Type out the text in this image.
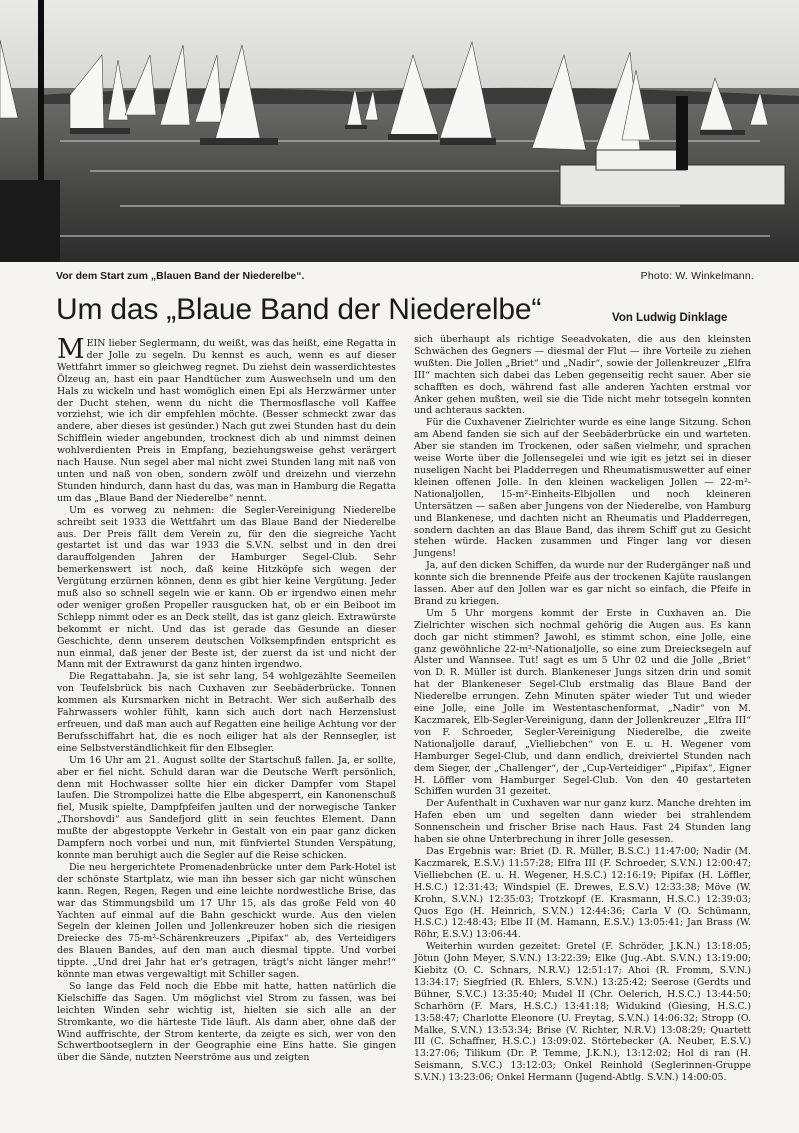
Vor dem Start zum „Blauen Band der Niederelbe“.	Photo: W. Winkelmann.
Um das „Blaue Band der Niederelbe“	Von Ludwig Dinklage

MEIN lieber Seglermann, du weißt, was das heißt, eine Regatta in der Jolle zu segeln. Du kennst es auch, wenn es auf dieser Wettfahrt immer so gleichweg regnet. Du ziehst dein wasserdichtestes Ölzeug an, hast ein paar Handtücher zum Auswechseln und um den Hals zu wickeln und hast womöglich einen Epi als Herzwärmer unter der Ducht stehen, wenn du nicht die Thermosflasche voll Kaffee vorziehst, wie ich dir empfehlen möchte. (Besser schmeckt zwar das andere, aber dieses ist gesünder.) Nach gut zwei Stunden hast du dein Schifflein wieder angebunden, trocknest dich ab und nimmst deinen wohlverdienten Preis in Empfang, beziehungsweise gehst verärgert nach Hause. Nun segel aber mal nicht zwei Stunden lang mit naß von unten und naß von oben, sondern zwölf und dreizehn und vierzehn Stunden hindurch, dann hast du das, was man in Hamburg die Regatta um das „Blaue Band der Niederelbe“ nennt.

Um es vorweg zu nehmen: die Segler-Vereinigung Niederelbe schreibt seit 1933 die Wettfahrt um das Blaue Band der Niederelbe aus. Der Preis fällt dem Verein zu, für den die siegreiche Yacht gestartet ist und das war 1933 die S.V.N. selbst und in den drei darauffolgenden Jahren der Hamburger Segel-Club. Sehr bemerkenswert ist noch, daß keine Hitzköpfe sich wegen der Vergütung erzürnen können, denn es gibt hier keine Vergütung. Jeder muß also so schnell segeln wie er kann. Ob er irgendwo einen mehr oder weniger großen Propeller rausgucken hat, ob er ein Beiboot im Schlepp nimmt oder es an Deck stellt, das ist ganz gleich. Extrawürste bekommt er nicht. Und das ist gerade das Gesunde an dieser Geschichte, denn unserem deutschen Volksempfinden entspricht es nun einmal, daß jener der Beste ist, der zuerst da ist und nicht der Mann mit der Extrawurst da ganz hinten irgendwo.

Die Regattabahn. Ja, sie ist sehr lang, 54 wohlgezählte Seemeilen von Teufelsbrück bis nach Cuxhaven zur Seebäderbrücke. Tonnen kommen als Kursmarken nicht in Betracht. Wer sich außerhalb des Fahrwassers wohler fühlt, kann sich auch dort nach Herzenslust erfreuen, und daß man auch auf Regatten eine heilige Achtung vor der Berufsschiffahrt hat, die es noch eiliger hat als der Rennsegler, ist eine Selbstverständlichkeit für den Elbsegler.

Um 16 Uhr am 21. August sollte der Startschuß fallen. Ja, er sollte, aber er fiel nicht. Schuld daran war die Deutsche Werft persönlich, denn mit Hochwasser sollte hier ein dicker Dampfer vom Stapel laufen. Die Strompolizei hatte die Elbe abgesperrt, ein Kanonenschuß fiel, Musik spielte, Dampfpfeifen jaulten und der norwegische Tanker „Thorshovdi“ aus Sandefjord glitt in sein feuchtes Element. Dann mußte der abgestoppte Verkehr in Gestalt von ein paar ganz dicken Dampfern noch vorbei und nun, mit fünfviertel Stunden Verspätung, konnte man beruhigt auch die Segler auf die Reise schicken.

Die neu hergerichtete Promenadenbrücke unter dem Park-Hotel ist der schönste Startplatz, wie man ihn besser sich gar nicht wünschen kann. Regen, Regen, Regen und eine leichte nordwestliche Brise, das war das Stimmungsbild um 17 Uhr 15, als das große Feld von 40 Yachten auf einmal auf die Bahn geschickt wurde. Aus den vielen Segeln der kleinen Jollen und Jollenkreuzer hoben sich die riesigen Dreiecke des 75-m²-Schärenkreuzers „Pipifax“ ab, des Verteidigers des Blauen Bandes, auf den man auch diesmal tippte. Und vorbei tippte. „Und drei Jahr hat er's getragen, trägt's nicht länger mehr!“ könnte man etwas vergewaltigt mit Schiller sagen.

So lange das Feld noch die Ebbe mit hatte, hatten natürlich die Kielschiffe das Sagen. Um möglichst viel Strom zu fassen, was bei leichten Winden sehr wichtig ist, hielten sie sich alle an der Stromkante, wo die härteste Tide läuft. Als dann aber, ohne daß der Wind auffrischte, der Strom kenterte, da zeigte es sich, wer von den Schwertbootseglern in der Geographie eine Eins hatte. Sie gingen über die Sände, nutzten Neerströme aus und zeigten

sich überhaupt als richtige Seeadvokaten, die aus den kleinsten Schwächen des Gegners — diesmal der Flut — ihre Vorteile zu ziehen wußten. Die Jollen „Briet“ und „Nadir“, sowie der Jollenkreuzer „Elfra III“ machten sich dabei das Leben gegenseitig recht sauer. Aber sie schafften es doch, während fast alle anderen Yachten erstmal vor Anker gehen mußten, weil sie die Tide nicht mehr totsegeln konnten und achteraus sackten.

Für die Cuxhavener Zielrichter wurde es eine lange Sitzung. Schon am Abend fanden sie sich auf der Seebäderbrücke ein und warteten. Aber sie standen im Trockenen, oder saßen vielmehr, und sprachen weise Worte über die Jollensegelei und wie igit es jetzt sei in dieser nuseligen Nacht bei Pladderregen und Rheumatismuswetter auf einer kleinen offenen Jolle. In den kleinen wackeligen Jollen — 22-m²-Nationaljollen, 15-m²-Einheits-Elbjollen und noch kleineren Untersätzen — saßen aber Jungens von der Niederelbe, von Hamburg und Blankenese, und dachten nicht an Rheumatis und Pladderregen, sondern dachten an das Blaue Band, das ihrem Schiff gut zu Gesicht stehen würde. Hacken zusammen und Finger lang vor diesen Jungens!

Ja, auf den dicken Schiffen, da wurde nur der Rudergänger naß und konnte sich die brennende Pfeife aus der trockenen Kajüte rauslangen lassen. Aber auf den Jollen war es gar nicht so einfach, die Pfeife in Brand zu kriegen.

Um 5 Uhr morgens kommt der Erste in Cuxhaven an. Die Zielrichter wischen sich nochmal gehörig die Augen aus. Es kann doch gar nicht stimmen? Jawohl, es stimmt schon, eine Jolle, eine ganz gewöhnliche 22-m²-Nationaljolle, so eine zum Dreiecksegeln auf Alster und Wannsee. Tut! sagt es um 5 Uhr 02 und die Jolle „Briet“ von D. R. Müller ist durch. Blankeneser Jungs sitzen drin und somit hat der Blankeneser Segel-Club erstmalig das Blaue Band der Niederelbe errungen. Zehn Minuten später wieder Tut und wieder eine Jolle, eine Jolle im Westentaschenformat, „Nadir“ von M. Kaczmarek, Elb-Segler-Vereinigung, dann der Jollenkreuzer „Elfra III“ von F. Schroeder, Segler-Vereinigung Niederelbe, die zweite Nationaljolle darauf, „Vielliebchen“ von E. u. H. Wegener vom Hamburger Segel-Club, und dann endlich, dreiviertel Stunden nach dem Sieger, der „Challenger“, der „Cup-Verteidiger“ „Pipifax“, Eigner H. Löffler vom Hamburger Segel-Club. Von den 40 gestarteten Schiffen wurden 31 gezeitet.

Der Aufenthalt in Cuxhaven war nur ganz kurz. Manche drehten im Hafen eben um und segelten dann wieder bei strahlendem Sonnenschein und frischer Brise nach Haus. Fast 24 Stunden lang haben sie ohne Unterbrechung in ihrer Jolle gesessen.

Das Ergebnis war: Briet (D. R. Müller, B.S.C.) 11:47:00; Nadir (M. Kaczmarek, E.S.V.) 11:57:28; Elfra III (F. Schroeder, S.V.N.) 12:00:47; Vielliebchen (E. u. H. Wegener, H.S.C.) 12:16:19; Pipifax (H. Löffler, H.S.C.) 12:31:43; Windspiel (E. Drewes, E.S.V.) 12:33:38; Möve (W. Krohn, S.V.N.) 12:35:03; Trotzkopf (E. Krasmann, H.S.C.) 12:39:03; Quos Ego (H. Heinrich, S.V.N.) 12:44:36; Carla V (O. Schümann, H.S.C.) 12:48:43; Elbe II (M. Hamann, E.S.V.) 13:05:41; Jan Brass (W. Röhr, E.S.V.) 13:06:44.

Weiterhin wurden gezeitet: Gretel (F. Schröder, J.K.N.) 13:18:05; Jötun (John Meyer, S.V.N.) 13:22:39; Elke (Jug.-Abt. S.V.N.) 13:19:00; Kiebitz (O. C. Schnars, N.R.V.) 12:51:17; Ahoi (R. Fromm, S.V.N.) 13:34:17; Siegfried (R. Ehlers, S.V.N.) 13:25:42; Seerose (Gerdts und Bühner, S.V.C.) 13:35:40; Mudel II (Chr. Oelerich, H.S.C.) 13:44:50; Scharhörn (F. Mars, H.S.C.) 13:41:18; Widukind (Giesing, H.S.C.) 13:58:47; Charlotte Eleonore (U. Freytag, S.V.N.) 14:06:32; Stropp (O. Malke, S.V.N.) 13:53:34; Brise (V. Richter, N.R.V.) 13:08:29; Quartett III (C. Schaffner, H.S.C.) 13:09:02. Störtebecker (A. Neuber, E.S.V.) 13:27:06; Tilikum (Dr. P. Temme, J.K.N.), 13:12:02; Hol di ran (H. Seismann, S.V.C.) 13:12:03; Onkel Reinhold (Seglerinnen-Gruppe S.V.N.) 13:23:06; Onkel Hermann (Jugend-Abtlg. S.V.N.) 14:00:05.
